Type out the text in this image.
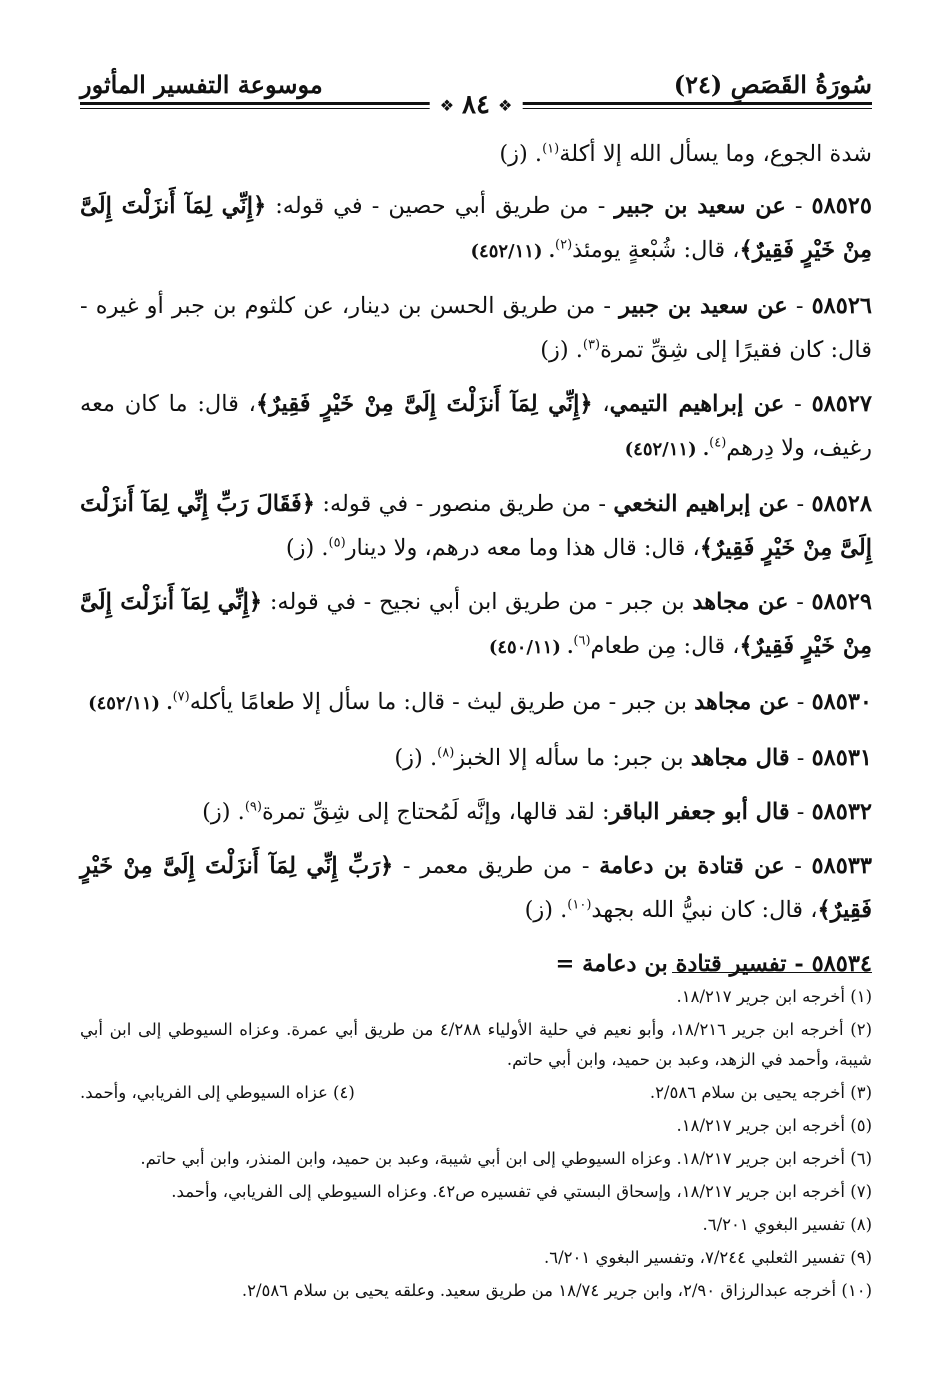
سُورَةُ القَصَصِ (٢٤)
موسوعة التفسير المأثور
❖ ٨٤ ❖

شدة الجوع، وما يسأل الله إلا أكلة$^{(١)}$. (ز)

٥٨٥٢٥ - عن سعيد بن جبير - من طريق أبي حصين - في قوله: ﴿إِنِّي لِمَآ أَنزَلْتَ إِلَىَّ مِنْ خَيْرٍ فَقِيرٌ﴾، قال: شُبْعةٍ يومئذ$^{(٢)}$. (٤٥٢/١١)

٥٨٥٢٦ - عن سعيد بن جبير - من طريق الحسن بن دينار، عن كلثوم بن جبر أو غيره - قال: كان فقيرًا إلى شِقِّ تمرة$^{(٣)}$. (ز)

٥٨٥٢٧ - عن إبراهيم التيمي، ﴿إِنِّي لِمَآ أَنزَلْتَ إِلَىَّ مِنْ خَيْرٍ فَقِيرٌ﴾، قال: ما كان معه رغيف، ولا دِرهم$^{(٤)}$. (٤٥٢/١١)

٥٨٥٢٨ - عن إبراهيم النخعي - من طريق منصور - في قوله: ﴿فَقَالَ رَبِّ إِنِّي لِمَآ أَنزَلْتَ إِلَىَّ مِنْ خَيْرٍ فَقِيرٌ﴾، قال: قال هذا وما معه درهم، ولا دينار$^{(٥)}$. (ز)

٥٨٥٢٩ - عن مجاهد بن جبر - من طريق ابن أبي نجيح - في قوله: ﴿إِنِّي لِمَآ أَنزَلْتَ إِلَىَّ مِنْ خَيْرٍ فَقِيرٌ﴾، قال: مِن طعام$^{(٦)}$. (٤٥٠/١١)

٥٨٥٣٠ - عن مجاهد بن جبر - من طريق ليث - قال: ما سأل إلا طعامًا يأكله$^{(٧)}$. (٤٥٢/١١)

٥٨٥٣١ - قال مجاهد بن جبر: ما سأله إلا الخبز$^{(٨)}$. (ز)

٥٨٥٣٢ - قال أبو جعفر الباقر: لقد قالها، وإنَّه لَمُحتاج إلى شِقِّ تمرة$^{(٩)}$. (ز)

٥٨٥٣٣ - عن قتادة بن دعامة - من طريق معمر - ﴿رَبِّ إِنِّي لِمَآ أَنزَلْتَ إِلَىَّ مِنْ خَيْرٍ فَقِيرٌ﴾، قال: كان نبيُّ الله بجهد$^{(١٠)}$. (ز)

٥٨٥٣٤ - تفسير قتادة بن دعامة =

(١) أخرجه ابن جرير ١٨/٢١٧.

(٢) أخرجه ابن جرير ١٨/٢١٦، وأبو نعيم في حلية الأولياء ٤/٢٨٨ من طريق أبي عمرة. وعزاه السيوطي إلى ابن أبي شيبة، وأحمد في الزهد، وعبد بن حميد، وابن أبي حاتم.

(٣) أخرجه يحيى بن سلام ٢/٥٨٦.
(٤) عزاه السيوطي إلى الفريابي، وأحمد.

(٥) أخرجه ابن جرير ١٨/٢١٧.

(٦) أخرجه ابن جرير ١٨/٢١٧. وعزاه السيوطي إلى ابن أبي شيبة، وعبد بن حميد، وابن المنذر، وابن أبي حاتم.

(٧) أخرجه ابن جرير ١٨/٢١٧، وإسحاق البستي في تفسيره ص٤٢. وعزاه السيوطي إلى الفريابي، وأحمد.

(٨) تفسير البغوي ٦/٢٠١.

(٩) تفسير الثعلبي ٧/٢٤٤، وتفسير البغوي ٦/٢٠١.

(١٠) أخرجه عبدالرزاق ٢/٩٠، وابن جرير ١٨/٧٤ من طريق سعيد. وعلقه يحيى بن سلام ٢/٥٨٦.
